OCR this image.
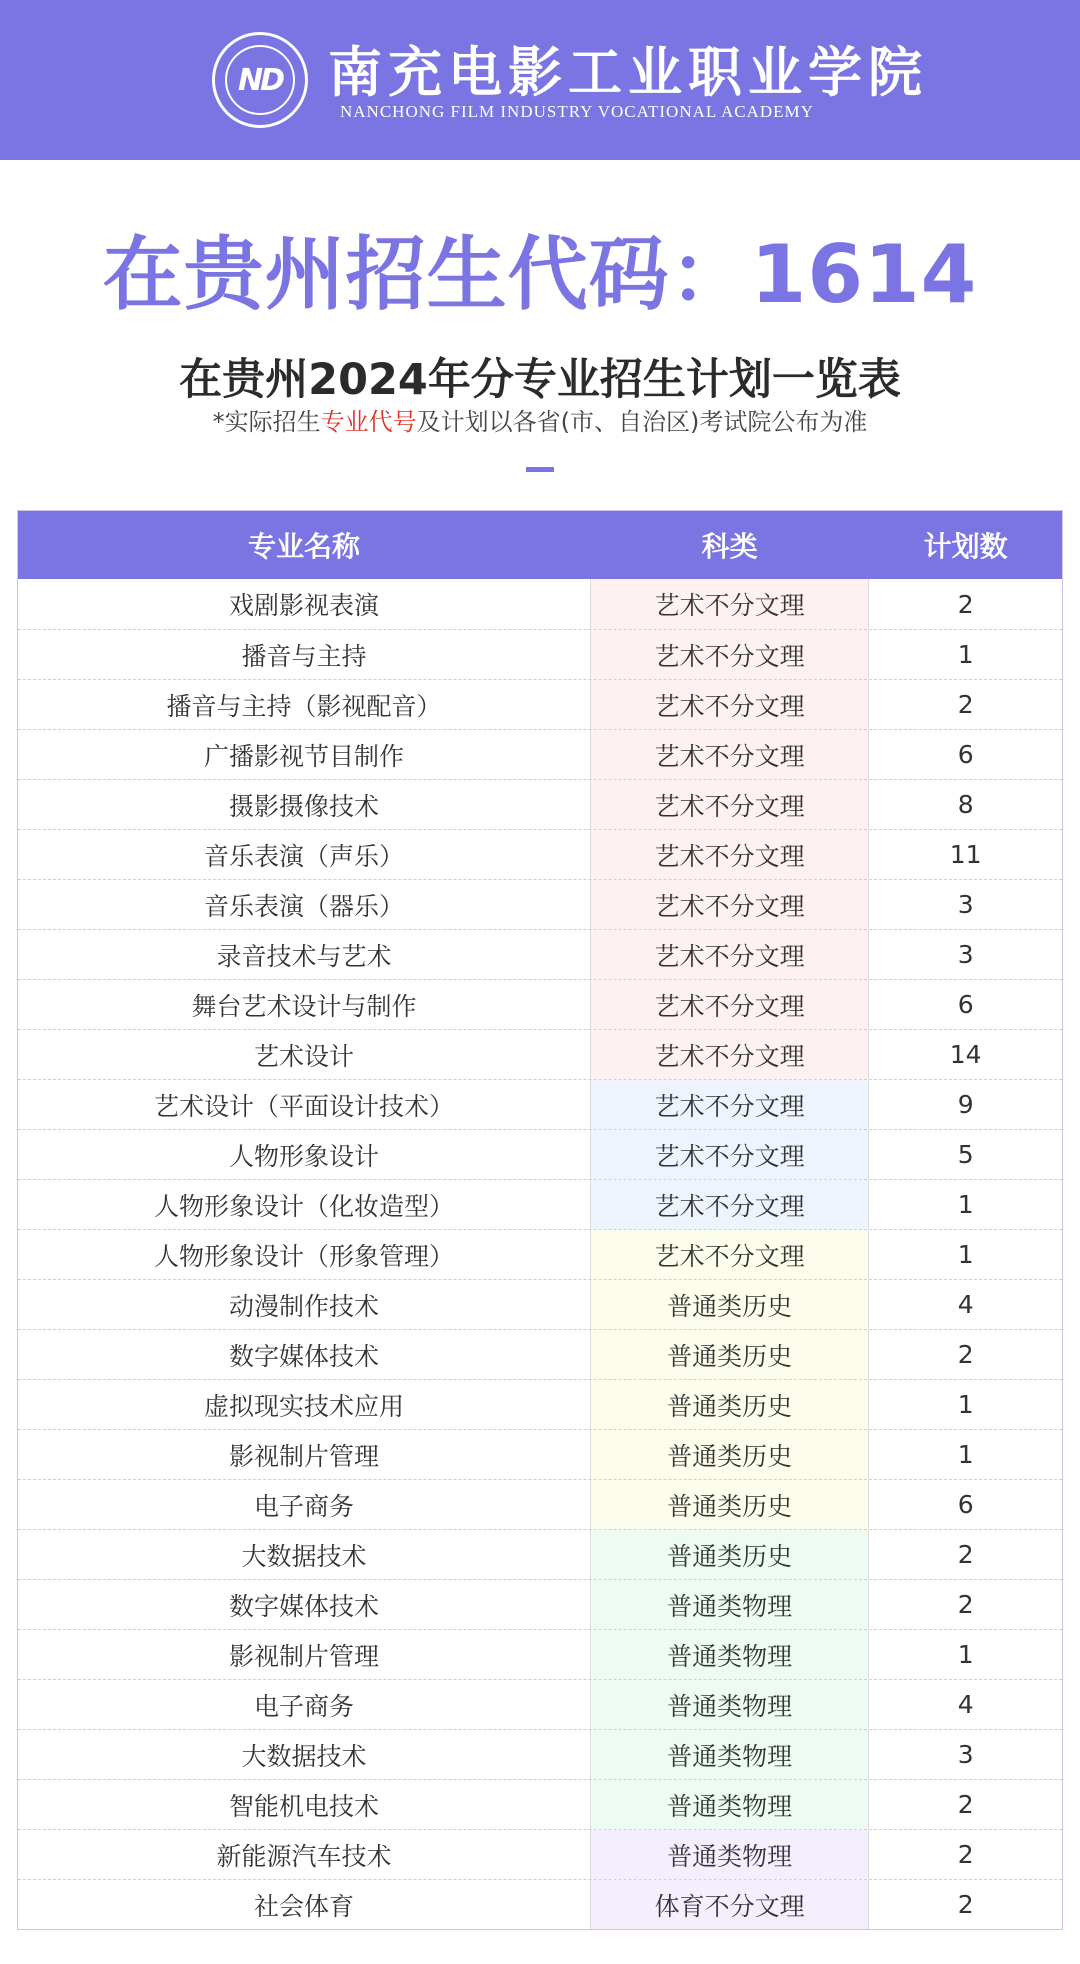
ND 南充电影工业职业学院
NANCHONG FILM INDUSTRY VOCATIONAL ACADEMY
在贵州招生代码：1614
在贵州2024年分专业招生计划一览表
*实际招生专业代号及计划以各省(市、自治区)考试院公布为准
专业名称	科类	计划数
戏剧影视表演	艺术不分文理	2
播音与主持	艺术不分文理	1
播音与主持（影视配音）	艺术不分文理	2
广播影视节目制作	艺术不分文理	6
摄影摄像技术	艺术不分文理	8
音乐表演（声乐）	艺术不分文理	11
音乐表演（器乐）	艺术不分文理	3
录音技术与艺术	艺术不分文理	3
舞台艺术设计与制作	艺术不分文理	6
艺术设计	艺术不分文理	14
艺术设计（平面设计技术）	艺术不分文理	9
人物形象设计	艺术不分文理	5
人物形象设计（化妆造型）	艺术不分文理	1
人物形象设计（形象管理）	艺术不分文理	1
动漫制作技术	普通类历史	4
数字媒体技术	普通类历史	2
虚拟现实技术应用	普通类历史	1
影视制片管理	普通类历史	1
电子商务	普通类历史	6
大数据技术	普通类历史	2
数字媒体技术	普通类物理	2
影视制片管理	普通类物理	1
电子商务	普通类物理	4
大数据技术	普通类物理	3
智能机电技术	普通类物理	2
新能源汽车技术	普通类物理	2
社会体育	体育不分文理	2
